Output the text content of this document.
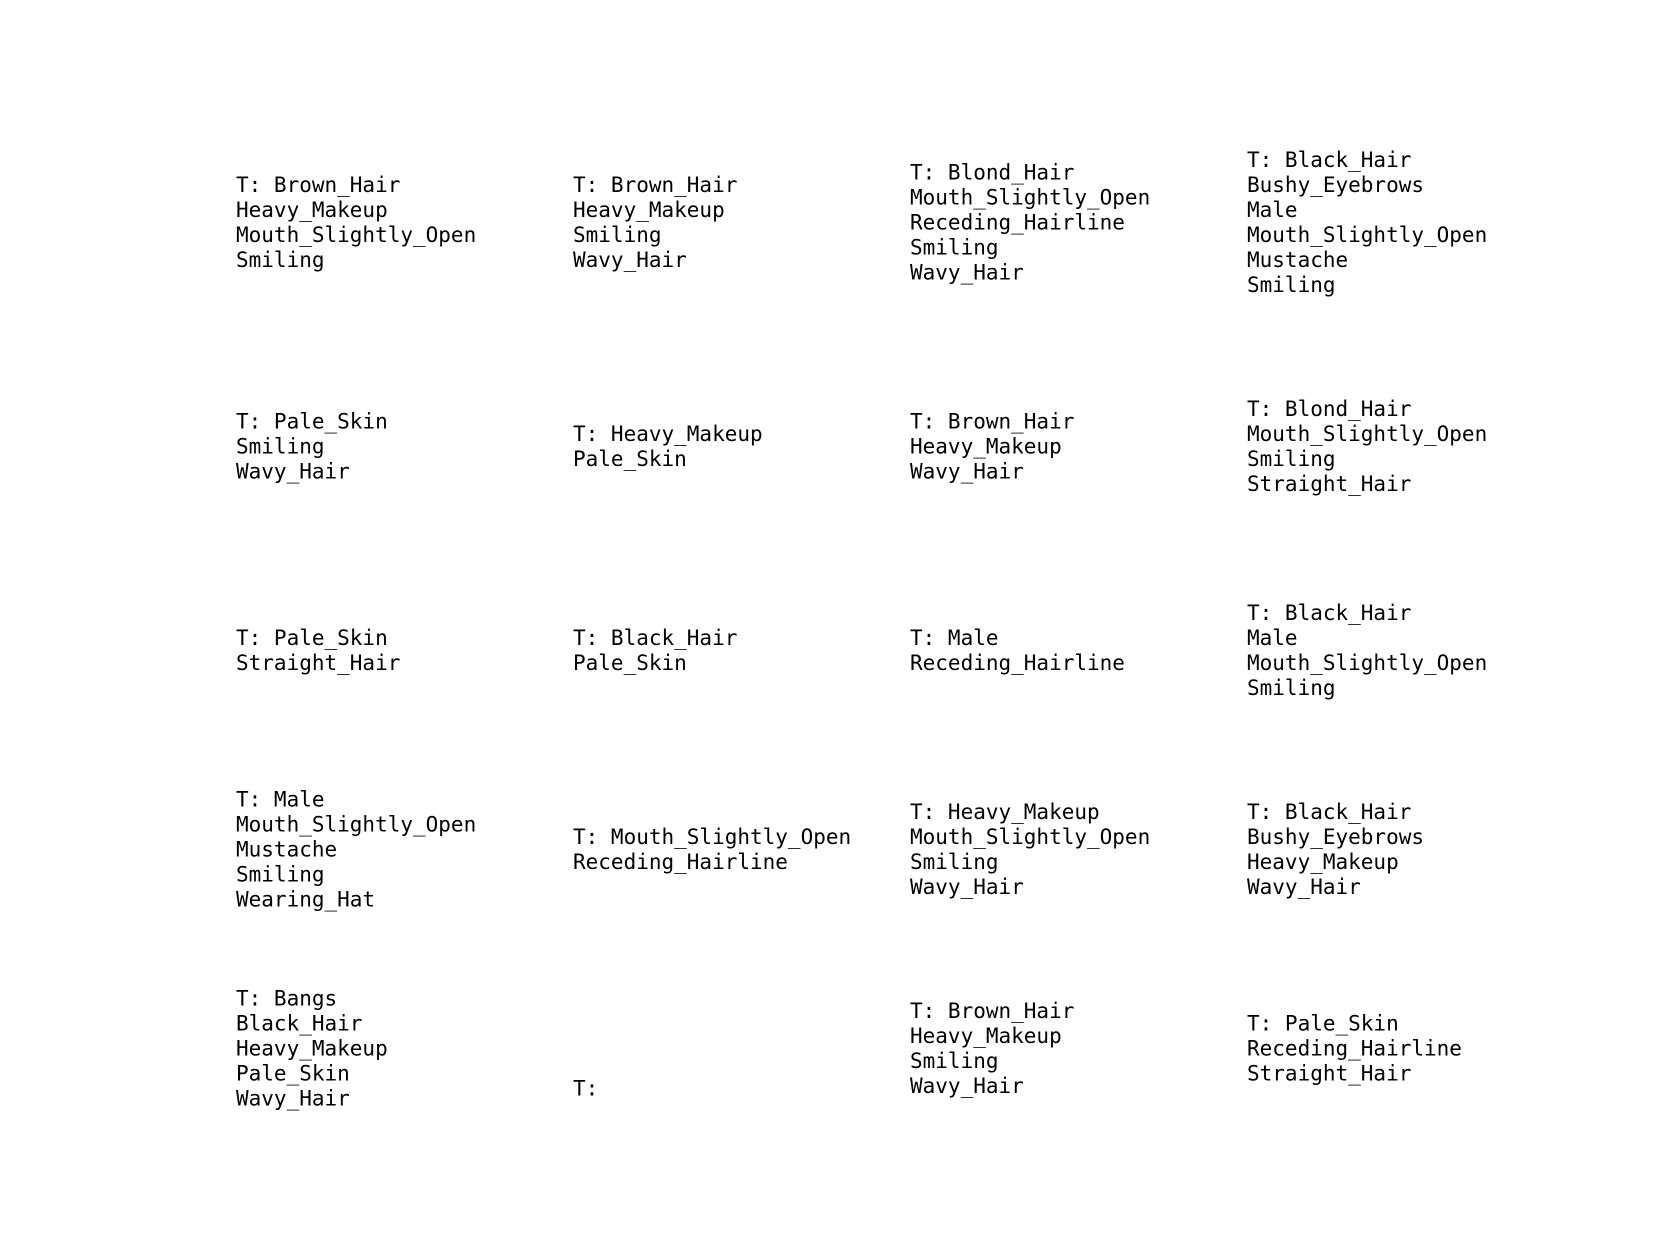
T: Brown_Hair
Heavy_Makeup
Mouth_Slightly_Open
Smiling
T: Brown_Hair
Heavy_Makeup
Smiling
Wavy_Hair
T: Blond_Hair
Mouth_Slightly_Open
Receding_Hairline
Smiling
Wavy_Hair
T: Black_Hair
Bushy_Eyebrows
Male
Mouth_Slightly_Open
Mustache
Smiling
T: Pale_Skin
Smiling
Wavy_Hair
T: Heavy_Makeup
Pale_Skin
T: Brown_Hair
Heavy_Makeup
Wavy_Hair
T: Blond_Hair
Mouth_Slightly_Open
Smiling
Straight_Hair
T: Pale_Skin
Straight_Hair
T: Black_Hair
Pale_Skin
T: Male
Receding_Hairline
T: Black_Hair
Male
Mouth_Slightly_Open
Smiling
T: Male
Mouth_Slightly_Open
Mustache
Smiling
Wearing_Hat
T: Mouth_Slightly_Open
Receding_Hairline
T: Heavy_Makeup
Mouth_Slightly_Open
Smiling
Wavy_Hair
T: Black_Hair
Bushy_Eyebrows
Heavy_Makeup
Wavy_Hair
T: Bangs
Black_Hair
Heavy_Makeup
Pale_Skin
Wavy_Hair	T:
T: Brown_Hair
Heavy_Makeup
Smiling
Wavy_Hair
T: Pale_Skin
Receding_Hairline
Straight_Hair
